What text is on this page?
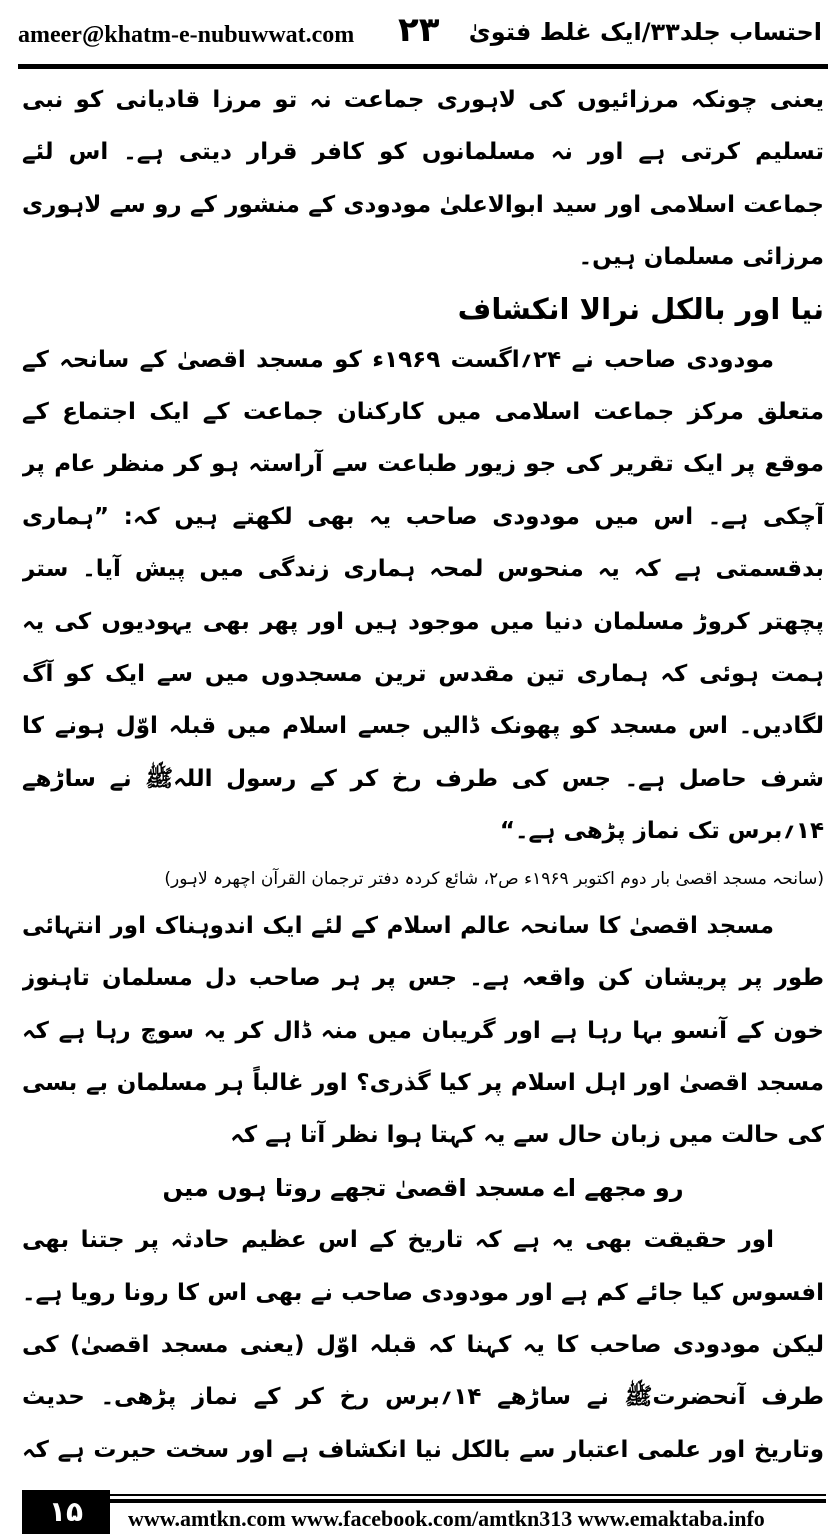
ameer@khatm-e-nubuwwat.com ۲۳ احتساب جلد۳۳/ایک غلط فتویٰ

یعنی چونکہ مرزائیوں کی لاہوری جماعت نہ تو مرزا قادیانی کو نبی تسلیم کرتی ہے اور نہ مسلمانوں کو کافر قرار دیتی ہے۔ اس لئے جماعت اسلامی اور سید ابوالاعلیٰ مودودی کے منشور کے رو سے لاہوری مرزائی مسلمان ہیں۔

نیا اور بالکل نرالا انکشاف

مودودی صاحب نے ۲۴؍اگست ۱۹۶۹ء کو مسجد اقصیٰ کے سانحہ کے متعلق مرکز جماعت اسلامی میں کارکنان جماعت کے ایک اجتماع کے موقع پر ایک تقریر کی جو زیور طباعت سے آراستہ ہو کر منظر عام پر آچکی ہے۔ اس میں مودودی صاحب یہ بھی لکھتے ہیں کہ: ”ہماری بدقسمتی ہے کہ یہ منحوس لمحہ ہماری زندگی میں پیش آیا۔ ستر پچھتر کروڑ مسلمان دنیا میں موجود ہیں اور پھر بھی یہودیوں کی یہ ہمت ہوئی کہ ہماری تین مقدس ترین مسجدوں میں سے ایک کو آگ لگادیں۔ اس مسجد کو پھونک ڈالیں جسے اسلام میں قبلہ اوّل ہونے کا شرف حاصل ہے۔ جس کی طرف رخ کر کے رسول اللہﷺ نے ساڑھے ۱۴؍برس تک نماز پڑھی ہے۔“

(سانحہ مسجد اقصیٰ بار دوم اکتوبر ۱۹۶۹ء ص۲، شائع کردہ دفتر ترجمان القرآن اچھرہ لاہور)

مسجد اقصیٰ کا سانحہ عالم اسلام کے لئے ایک اندوہناک اور انتہائی طور پر پریشان کن واقعہ ہے۔ جس پر ہر صاحب دل مسلمان تاہنوز خون کے آنسو بہا رہا ہے اور گریبان میں منہ ڈال کر یہ سوچ رہا ہے کہ مسجد اقصیٰ اور اہل اسلام پر کیا گذری؟ اور غالباً ہر مسلمان بے بسی کی حالت میں زبان حال سے یہ کہتا ہوا نظر آتا ہے کہ

رو مجھے اے مسجد اقصیٰ تجھے روتا ہوں میں

اور حقیقت بھی یہ ہے کہ تاریخ کے اس عظیم حادثہ پر جتنا بھی افسوس کیا جائے کم ہے اور مودودی صاحب نے بھی اس کا رونا رویا ہے۔ لیکن مودودی صاحب کا یہ کہنا کہ قبلہ اوّل (یعنی مسجد اقصیٰ) کی طرف آنحضرتﷺ نے ساڑھے ۱۴؍برس رخ کر کے نماز پڑھی۔ حدیث وتاریخ اور علمی اعتبار سے بالکل نیا انکشاف ہے اور سخت حیرت ہے کہ

۱۵	www.amtkn.com www.facebook.com/amtkn313 www.emaktaba.info
